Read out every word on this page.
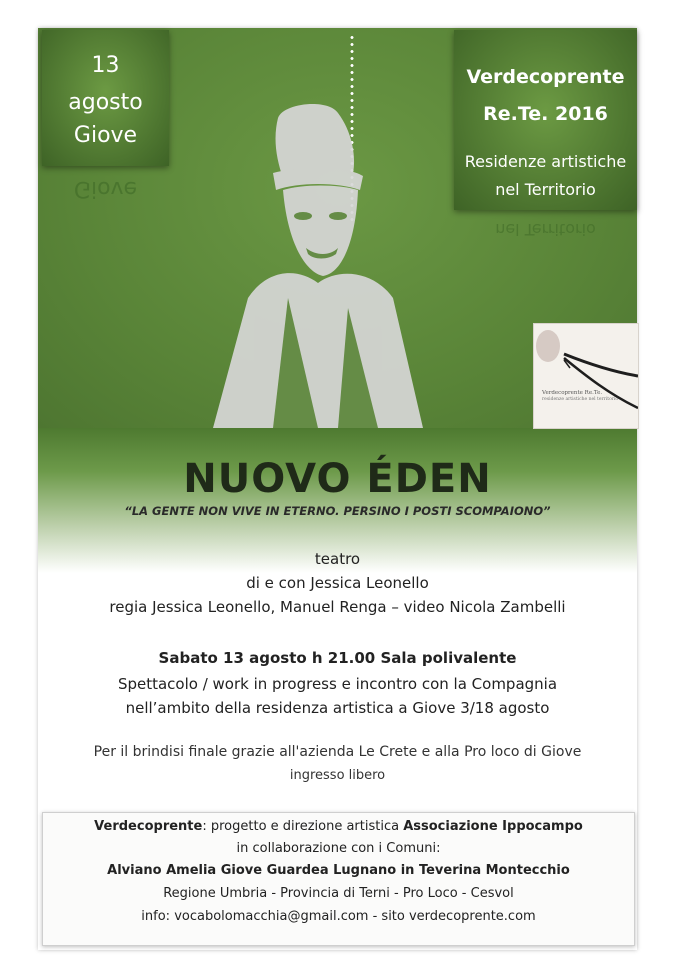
13
agosto
Giove
Giove
Verdecoprente
Re.Te. 2016
Residenze artistiche
nel Territorio
nel Territorio
Verdecoprente Re.Te.
residenze artistiche nel territorio
NUOVO ÉDEN
“LA GENTE NON VIVE IN ETERNO. PERSINO I POSTI SCOMPAIONO”
teatro
di e con Jessica Leonello
regia Jessica Leonello, Manuel Renga – video Nicola Zambelli
Sabato 13 agosto h 21.00 Sala polivalente
Spettacolo / work in progress e incontro con la Compagnia
nell’ambito della residenza artistica a Giove 3/18 agosto
Per il brindisi finale grazie all'azienda Le Crete e alla Pro loco di Giove
ingresso libero
Verdecoprente: progetto e direzione artistica Associazione Ippocampo
in collaborazione con i Comuni:
Alviano Amelia Giove Guardea Lugnano in Teverina Montecchio
Regione Umbria - Provincia di Terni - Pro Loco - Cesvol
info: vocabolomacchia@gmail.com - sito verdecoprente.com
